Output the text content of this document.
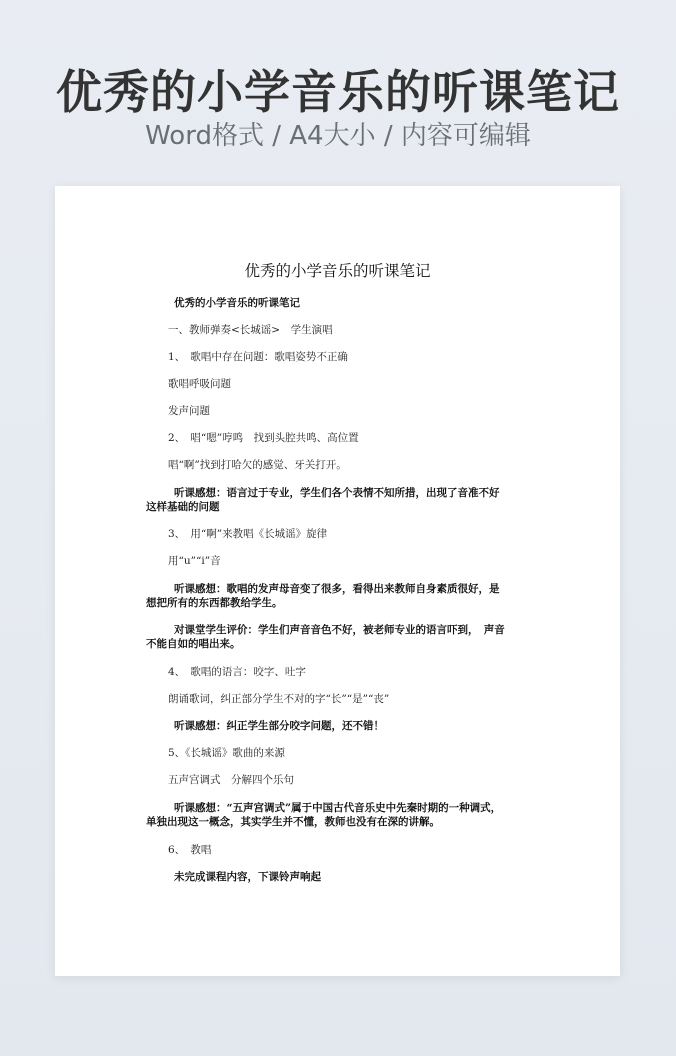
优秀的小学音乐的听课笔记
Word格式 / A4大小 / 内容可编辑
优秀的小学音乐的听课笔记
优秀的小学音乐的听课笔记
一、教师弹奏<长城谣>　学生演唱
1、　歌唱中存在问题：歌唱姿势不正确
歌唱呼吸问题
发声问题
2、　唱“嗯”哼鸣　找到头腔共鸣、高位置
唱“啊”找到打哈欠的感觉、牙关打开。
听课感想：语言过于专业，学生们各个表情不知所措，出现了音准不好
这样基础的问题
3、　用“啊”来教唱《长城谣》旋律
用“u”“i”音
听课感想：歌唱的发声母音变了很多，看得出来教师自身素质很好，是
想把所有的东西都教给学生。
对课堂学生评价：学生们声音音色不好，被老师专业的语言吓到，　声音
不能自如的唱出来。
4、　歌唱的语言：咬字、吐字
朗诵歌词，纠正部分学生不对的字“长”“是”“丧”
听课感想：纠正学生部分咬字问题，还不错！
5、《长城谣》歌曲的来源
五声宫调式　分解四个乐句
听课感想：“五声宫调式”属于中国古代音乐史中先秦时期的一种调式，
单独出现这一概念，其实学生并不懂，教师也没有在深的讲解。
6、　教唱
未完成课程内容，下课铃声响起
